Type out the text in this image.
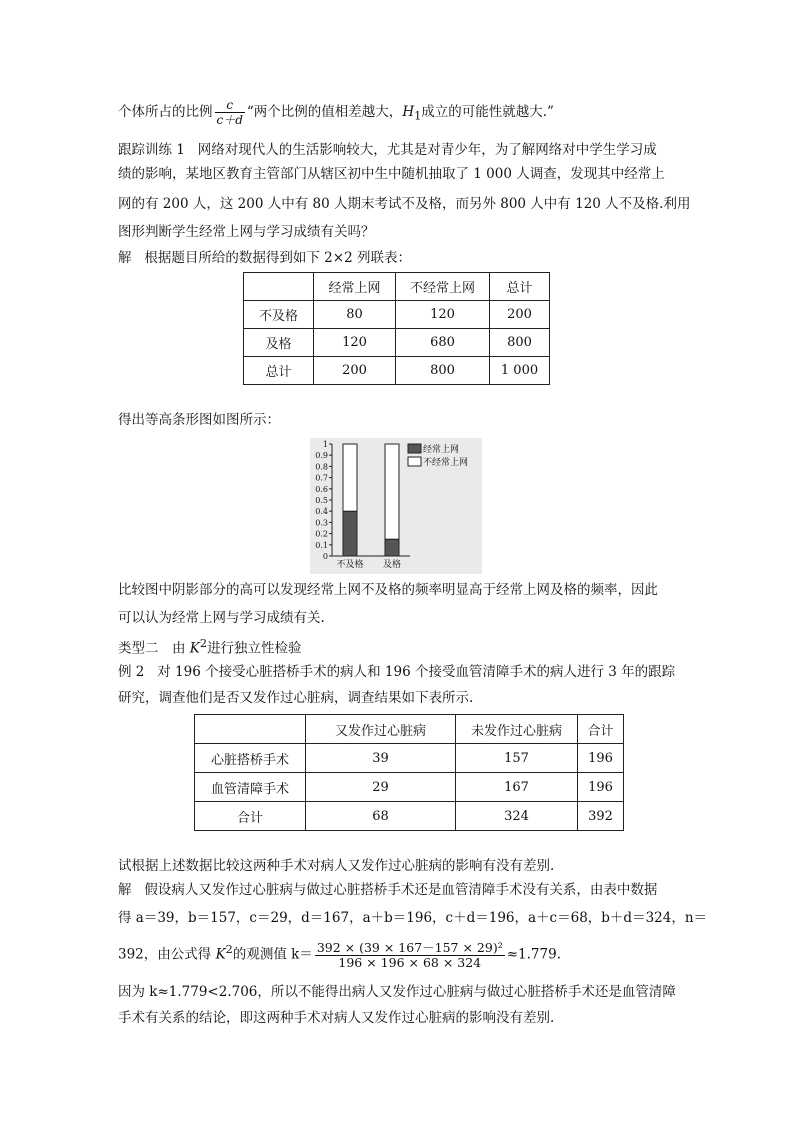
个体所占的比例 $\frac{c}{c+d}$ “两个比例的值相差越大，$H_1$成立的可能性就越大.”
跟踪训练 1 网络对现代人的生活影响较大，尤其是对青少年，为了解网络对中学生学习成
绩的影响，某地区教育主管部门从辖区初中生中随机抽取了 1 000 人调查，发现其中经常上
网的有 200 人，这 200 人中有 80 人期末考试不及格，而另外 800 人中有 120 人不及格.利用
图形判断学生经常上网与学习成绩有关吗？
解 根据题目所给的数据得到如下 2×2 列联表：
	经常上网	不经常上网	总计
不及格	80	120	200
及格	120	680	800
总计	200	800	1 000
得出等高条形图如图所示：
0
0.1
0.2
0.3
0.4
0.5
0.6
0.7
0.8
0.9
1
不及格 及格
经常上网
不经常上网
比较图中阴影部分的高可以发现经常上网不及格的频率明显高于经常上网及格的频率，因此
可以认为经常上网与学习成绩有关.
类型二　由 $K^2$进行独立性检验
例 2 对 196 个接受心脏搭桥手术的病人和 196 个接受血管清障手术的病人进行 3 年的跟踪
研究，调查他们是否又发作过心脏病，调查结果如下表所示.
	又发作过心脏病	未发作过心脏病	合计
心脏搭桥手术	39	157	196
血管清障手术	29	167	196
合计	68	324	392
试根据上述数据比较这两种手术对病人又发作过心脏病的影响有没有差别.
解 假设病人又发作过心脏病与做过心脏搭桥手术还是血管清障手术没有关系，由表中数据
得 a＝39，b＝157，c＝29，d＝167，a＋b＝196，c＋d＝196，a＋c＝68，b＋d＝324，n＝
392，由公式得 $K^2$的观测值 $k= \frac{\text{392 × (39 × 167－157 × 29)²}}{196 \times 196 \times 68 \times 324} \approx 1.779$.
因为 k≈1.779<2.706，所以不能得出病人又发作过心脏病与做过心脏搭桥手术还是血管清障
手术有关系的结论，即这两种手术对病人又发作过心脏病的影响没有差别.
